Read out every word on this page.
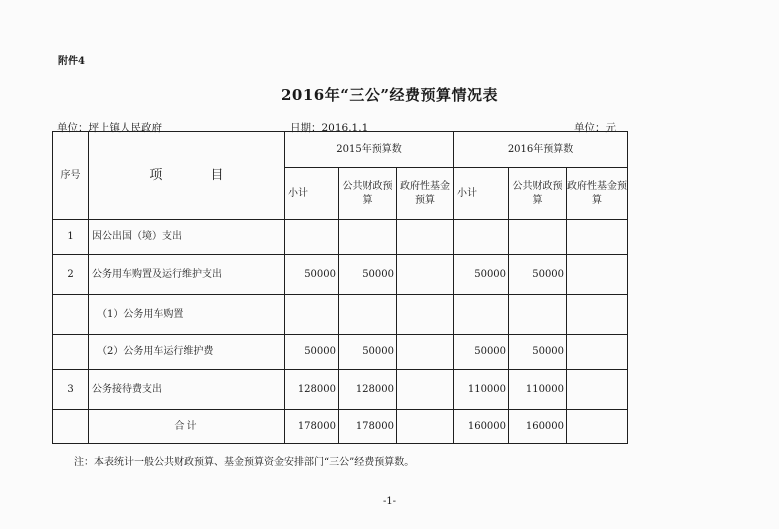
附件4
2016年“三公”经费预算情况表
单位：坪上镇人民政府	日期：2016.1.1	单位：元
序号	项 目	2015年预算数			2016年预算数		
		小计	公共财政预算	政府性基金预算	小计	公共财政预算	政府性基金预算
1	因公出国（境）支出						
2	公务用车购置及运行维护支出	50000	50000		50000	50000	
	（1）公务用车购置						
	（2）公务用车运行维护费	50000	50000		50000	50000	
3	公务接待费支出	128000	128000		110000	110000	
	合计	178000	178000		160000	160000	
注：本表统计一般公共财政预算、基金预算资金安排部门“三公”经费预算数。
-1-
